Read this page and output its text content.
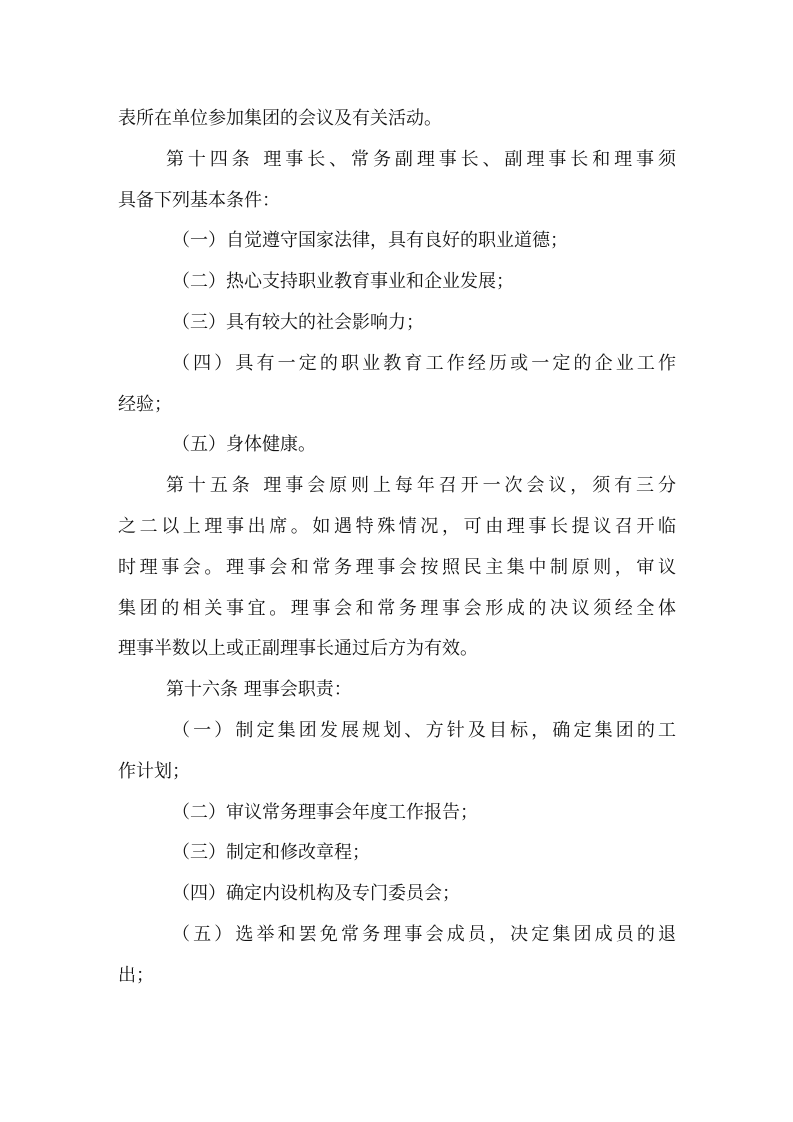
表所在单位参加集团的会议及有关活动。
第十四条 理事长、常务副理事长、副理事长和理事须
具备下列基本条件：
（一）自觉遵守国家法律，具有良好的职业道德；
（二）热心支持职业教育事业和企业发展；
（三）具有较大的社会影响力；
（四）具有一定的职业教育工作经历或一定的企业工作
经验；
（五）身体健康。
第十五条 理事会原则上每年召开一次会议，须有三分
之二以上理事出席。如遇特殊情况，可由理事长提议召开临
时理事会。理事会和常务理事会按照民主集中制原则，审议
集团的相关事宜。理事会和常务理事会形成的决议须经全体
理事半数以上或正副理事长通过后方为有效。
第十六条 理事会职责：
（一）制定集团发展规划、方针及目标，确定集团的工
作计划；
（二）审议常务理事会年度工作报告；
（三）制定和修改章程；
（四）确定内设机构及专门委员会；
（五）选举和罢免常务理事会成员，决定集团成员的退
出；
